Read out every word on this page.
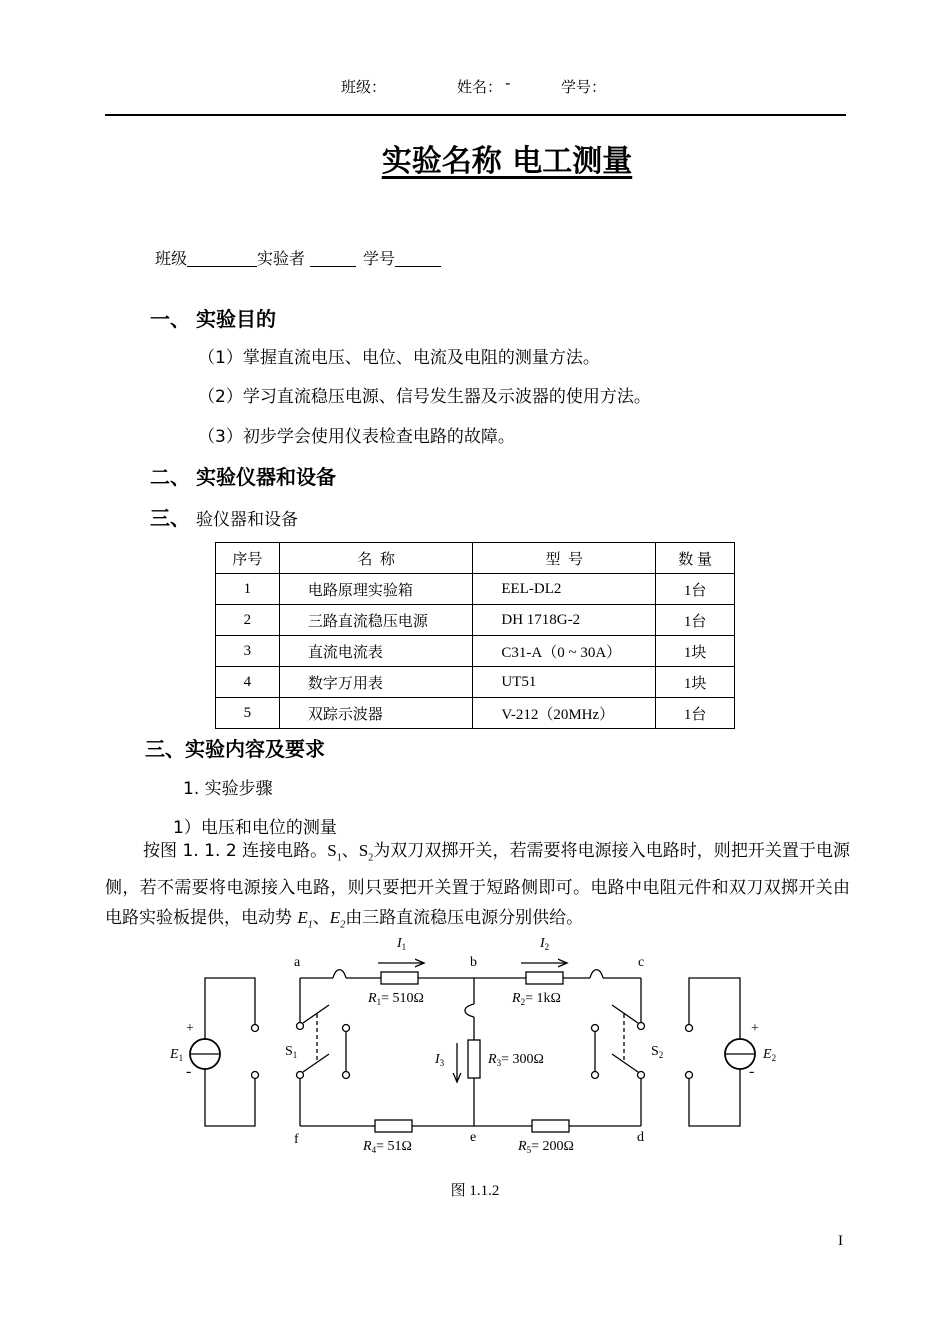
班级：	姓名： -	学号：
实验名称 电工测量
班级	实验者	学号
一、 实验目的
（1）掌握直流电压、电位、电流及电阻的测量方法。
（2）学习直流稳压电源、信号发生器及示波器的使用方法。
（3）初步学会使用仪表检查电路的故障。
二、 实验仪器和设备
三、 验仪器和设备
序号	名  称	型  号	数 量
1	电路原理实验箱	EEL-DL2	1台
2	三路直流稳压电源	DH 1718G-2	1台
3	直流电流表	C31-A（0 ~ 30A）	1块
4	数字万用表	UT51	1块
5	双踪示波器	V-212（20MHz）	1台
三、实验内容及要求
1. 实验步骤
1）电压和电位的测量
按图 1. 1. 2 连接电路。$S_1$、$S_2$为双刀双掷开关，若需要将电源接入电路时，则把开关置于电源侧，若不需要将电源接入电路，则只要把开关置于短路侧即可。电路中电阻元件和双刀双掷开关由电路实验板提供，电动势 $E_1$、$E_2$由三路直流稳压电源分别供给。
a	b	c
d
e
f
$I_1$	$I_2$
$I_3$
$R_1= 510\Omega$	$R_2= 1k\Omega$
$R_3= 300\Omega$
$R_4= 51\Omega$	$R_5= 200\Omega$
$S_1$	$S_2$
$E_1$	$E_2$
+
-
+
-
图 1.1.2
I
